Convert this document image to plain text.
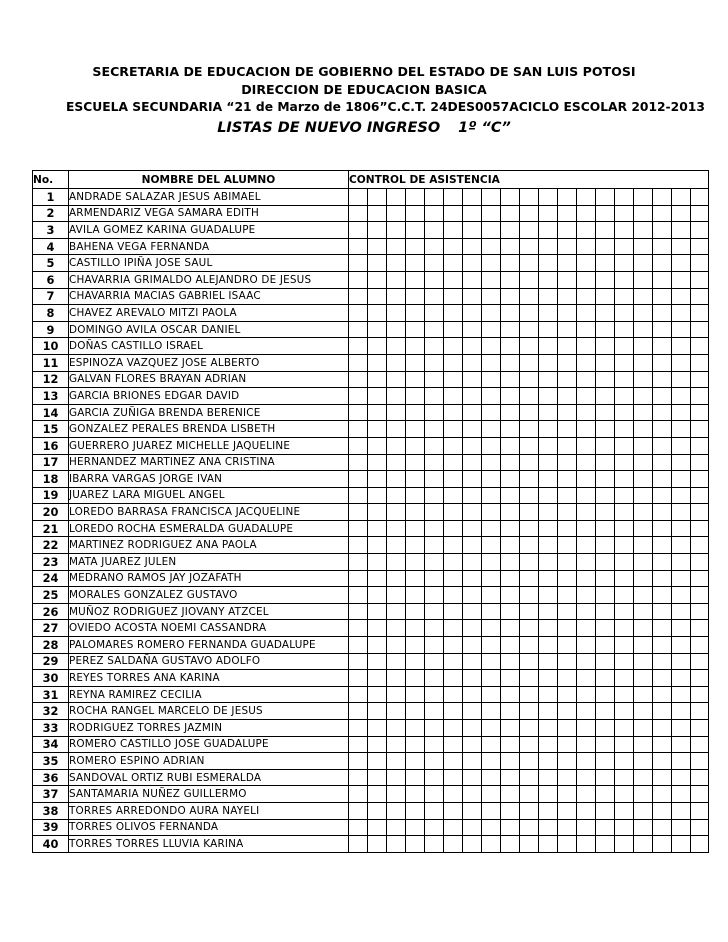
SECRETARIA DE EDUCACION DE GOBIERNO DEL ESTADO DE SAN LUIS POTOSI
DIRECCION DE EDUCACION BASICA
ESCUELA SECUNDARIA “21 de Marzo de 1806” C.C.T. 24DES0057A CICLO ESCOLAR 2012-2013
LISTAS DE NUEVO INGRESO 1º “C”
No.	NOMBRE DEL ALUMNO	CONTROL DE ASISTENCIA																		
1	ANDRADE SALAZAR JESUS ABIMAEL																			
2	ARMENDARIZ VEGA SAMARA EDITH																			
3	AVILA GOMEZ KARINA GUADALUPE																			
4	BAHENA VEGA FERNANDA																			
5	CASTILLO IPIÑA JOSE SAUL																			
6	CHAVARRIA GRIMALDO ALEJANDRO DE JESUS																			
7	CHAVARRIA MACIAS GABRIEL ISAAC																			
8	CHAVEZ AREVALO MITZI PAOLA																			
9	DOMINGO AVILA OSCAR DANIEL																			
10	DOÑAS CASTILLO ISRAEL																			
11	ESPINOZA VAZQUEZ JOSE ALBERTO																			
12	GALVAN FLORES BRAYAN ADRIAN																			
13	GARCIA BRIONES EDGAR DAVID																			
14	GARCIA ZUÑIGA BRENDA BERENICE																			
15	GONZALEZ PERALES BRENDA LISBETH																			
16	GUERRERO JUAREZ MICHELLE JAQUELINE																			
17	HERNANDEZ MARTINEZ ANA CRISTINA																			
18	IBARRA VARGAS JORGE IVAN																			
19	JUAREZ LARA MIGUEL ANGEL																			
20	LOREDO BARRASA FRANCISCA JACQUELINE																			
21	LOREDO ROCHA ESMERALDA GUADALUPE																			
22	MARTINEZ RODRIGUEZ ANA PAOLA																			
23	MATA JUAREZ JULEN																			
24	MEDRANO RAMOS JAY JOZAFATH																			
25	MORALES GONZALEZ GUSTAVO																			
26	MUÑOZ RODRIGUEZ JIOVANY ATZCEL																			
27	OVIEDO ACOSTA NOEMI CASSANDRA																			
28	PALOMARES ROMERO FERNANDA GUADALUPE																			
29	PEREZ SALDAÑA GUSTAVO ADOLFO																			
30	REYES TORRES ANA KARINA																			
31	REYNA RAMIREZ CECILIA																			
32	ROCHA RANGEL MARCELO DE JESUS																			
33	RODRIGUEZ TORRES JAZMIN																			
34	ROMERO CASTILLO JOSE GUADALUPE																			
35	ROMERO ESPINO ADRIAN																			
36	SANDOVAL ORTIZ RUBI ESMERALDA																			
37	SANTAMARIA NUÑEZ GUILLERMO																			
38	TORRES ARREDONDO AURA NAYELI																			
39	TORRES OLIVOS FERNANDA																			
40	TORRES TORRES LLUVIA KARINA																			
